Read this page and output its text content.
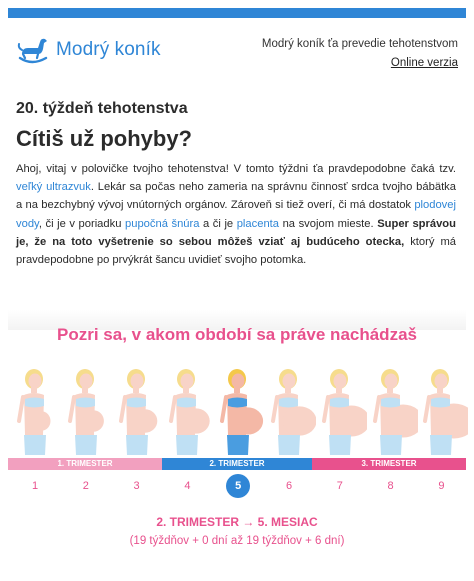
Modrý koník	Modrý koník ťa prevedie tehotenstvom
Online verzia
20. týždeň tehotenstva
Cítiš už pohyby?

Ahoj, vitaj v polovičke tvojho tehotenstva! V tomto týždni ťa pravdepodobne čaká tzv. veľký ultrazvuk. Lekár sa počas neho zameria na správnu činnosť srdca tvojho bábätka a na bezchybný vývoj vnútorných orgánov. Zároveň si tiež overí, či má dostatok plodovej vody, či je v poriadku pupočná šnúra a či je placenta na svojom mieste. Super správou je, že na toto vyšetrenie so sebou môžeš vziať aj budúceho otecka, ktorý má pravdepodobne po prvýkrát šancu uvidieť svojho potomka.

Pozri sa, v akom období sa práve nachádzaš
1. TRIMESTER	2. TRIMESTER	3. TRIMESTER
1	2	3	4	5	6	7	8	9
2. TRIMESTER → 5. MESIAC
(19 týždňov + 0 dní až 19 týždňov + 6 dní)
